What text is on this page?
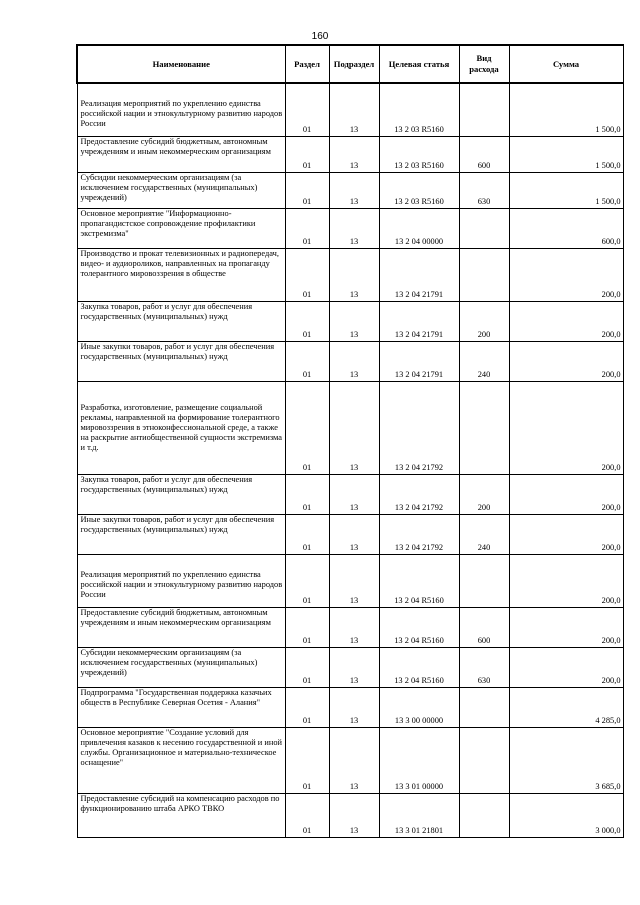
160
Наименование	Раздел	Подраздел	Целевая статья	Вид расхода	Сумма
Реализация мероприятий по укреплению единства российской нации и этнокультурному развитию народов России	01	13	13 2 03 R5160		1 500,0
Предоставление субсидий бюджетным, автономным учреждениям и иным некоммерческим организациям	01	13	13 2 03 R5160	600	1 500,0
Субсидии некоммерческим организациям (за исключением государственных (муниципальных) учреждений)	01	13	13 2 03 R5160	630	1 500,0
Основное мероприятие "Информационно-пропагандистское сопровождение профилактики экстремизма"	01	13	13 2 04 00000		600,0
Производство и прокат телевизионных и радиопередач, видео- и аудиороликов, направленных на пропаганду толерантного мировоззрения в обществе	01	13	13 2 04 21791		200,0
Закупка товаров, работ и услуг для обеспечения государственных (муниципальных) нужд	01	13	13 2 04 21791	200	200,0
Иные закупки товаров, работ и услуг для обеспечения государственных (муниципальных) нужд	01	13	13 2 04 21791	240	200,0
Разработка, изготовление, размещение социальной рекламы, направленной на формирование толерантного мировоззрения в этноконфессиональной среде, а также на раскрытие антиобщественной сущности экстремизма и т.д.	01	13	13 2 04 21792		200,0
Закупка товаров, работ и услуг для обеспечения государственных (муниципальных) нужд	01	13	13 2 04 21792	200	200,0
Иные закупки товаров, работ и услуг для обеспечения государственных (муниципальных) нужд	01	13	13 2 04 21792	240	200,0
Реализация мероприятий по укреплению единства российской нации и этнокультурному развитию народов России	01	13	13 2 04 R5160		200,0
Предоставление субсидий бюджетным, автономным учреждениям и иным некоммерческим организациям	01	13	13 2 04 R5160	600	200,0
Субсидии некоммерческим организациям (за исключением государственных (муниципальных) учреждений)	01	13	13 2 04 R5160	630	200,0
Подпрограмма "Государственная поддержка казачьих обществ в Республике Северная Осетия - Алания"	01	13	13 3 00 00000		4 285,0
Основное мероприятие "Создание условий для привлечения казаков к несению государственной и иной службы. Организационное и материально-техническое оснащение"	01	13	13 3 01 00000		3 685,0
Предоставление субсидий на компенсацию расходов по функционированию штаба АРКО ТВКО	01	13	13 3 01 21801		3 000,0
